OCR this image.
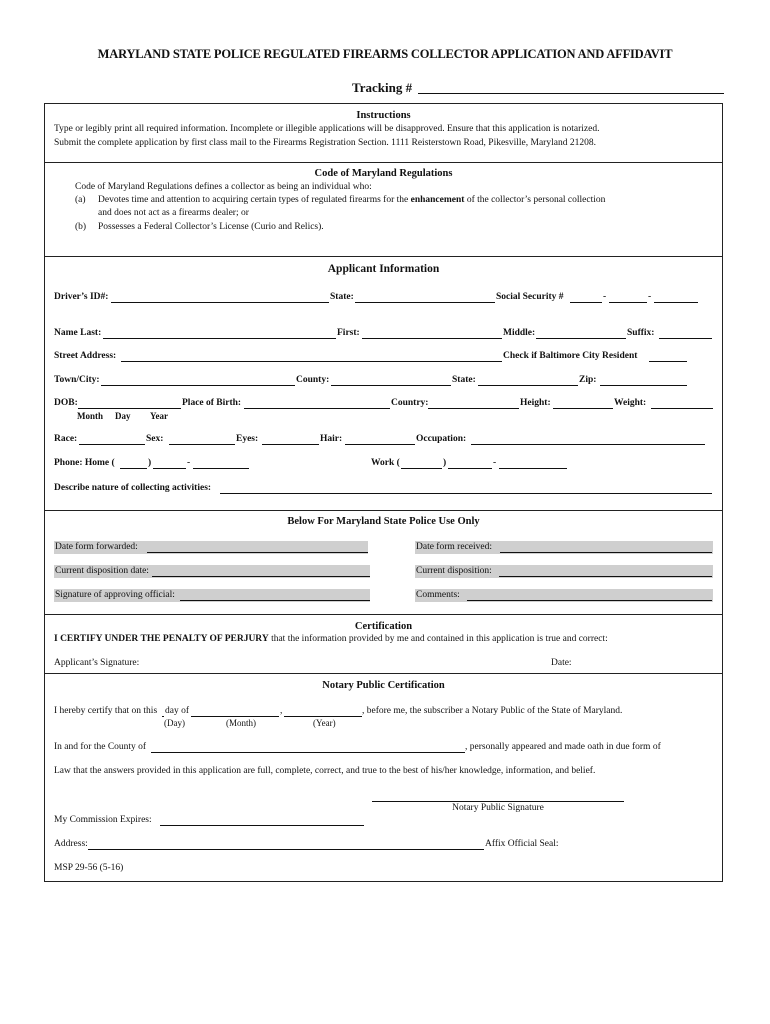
MARYLAND STATE POLICE REGULATED FIREARMS COLLECTOR APPLICATION AND AFFIDAVIT
Tracking #
Instructions
Type or legibly print all required information. Incomplete or illegible applications will be disapproved. Ensure that this application is notarized.
Submit the complete application by first class mail to the Firearms Registration Section. 1111 Reisterstown Road, Pikesville, Maryland 21208.
Code of Maryland Regulations
Code of Maryland Regulations defines a collector as being an individual who:
(a) Devotes time and attention to acquiring certain types of regulated firearms for the enhancement of the collector’s personal collection
and does not act as a firearms dealer; or
(b) Possesses a Federal Collector’s License (Curio and Relics).
Applicant Information
Driver’s ID#:	State:	Social Security #	-	-
Name Last:	First:	Middle:	Suffix:
Street Address:	Check if Baltimore City Resident
Town/City:	County:	State:	Zip:
DOB:	Place of Birth:	Country:	Height:	Weight:
Month Day Year
Race:	Sex:	Eyes:	Hair:	Occupation:
Phone: Home (	)	-	Work (	)	-
Describe nature of collecting activities:
Below For Maryland State Police Use Only
Date form forwarded:	Date form received:
Current disposition date:	Current disposition:
Signature of approving official:	Comments:
Certification
I CERTIFY UNDER THE PENALTY OF PERJURY that the information provided by me and contained in this application is true and correct:
Applicant’s Signature:	Date:
Notary Public Certification
I hereby certify that on this day of	,	, before me, the subscriber a Notary Public of the State of Maryland.
(Day)	(Month)	(Year)
In and for the County of	, personally appeared and made oath in due form of
Law that the answers provided in this application are full, complete, correct, and true to the best of his/her knowledge, information, and belief.
Notary Public Signature
My Commission Expires:
Address:	Affix Official Seal:
MSP 29-56 (5-16)
